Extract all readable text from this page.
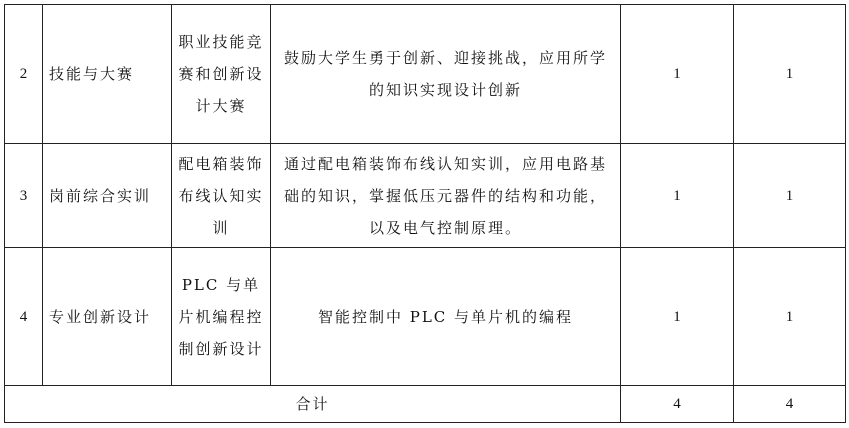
2	技能与大赛	职业技能竞赛和创新设计大赛	鼓励大学生勇于创新、迎接挑战，应用所学的知识实现设计创新	1	1

3	岗前综合实训	配电箱装饰布线认知实训	通过配电箱装饰布线认知实训，应用电路基础的知识，掌握低压元器件的结构和功能，以及电气控制原理。	1	1

4	专业创新设计	PLC 与单片机编程控制创新设计	智能控制中 PLC 与单片机的编程	1	1

合计				4	4
